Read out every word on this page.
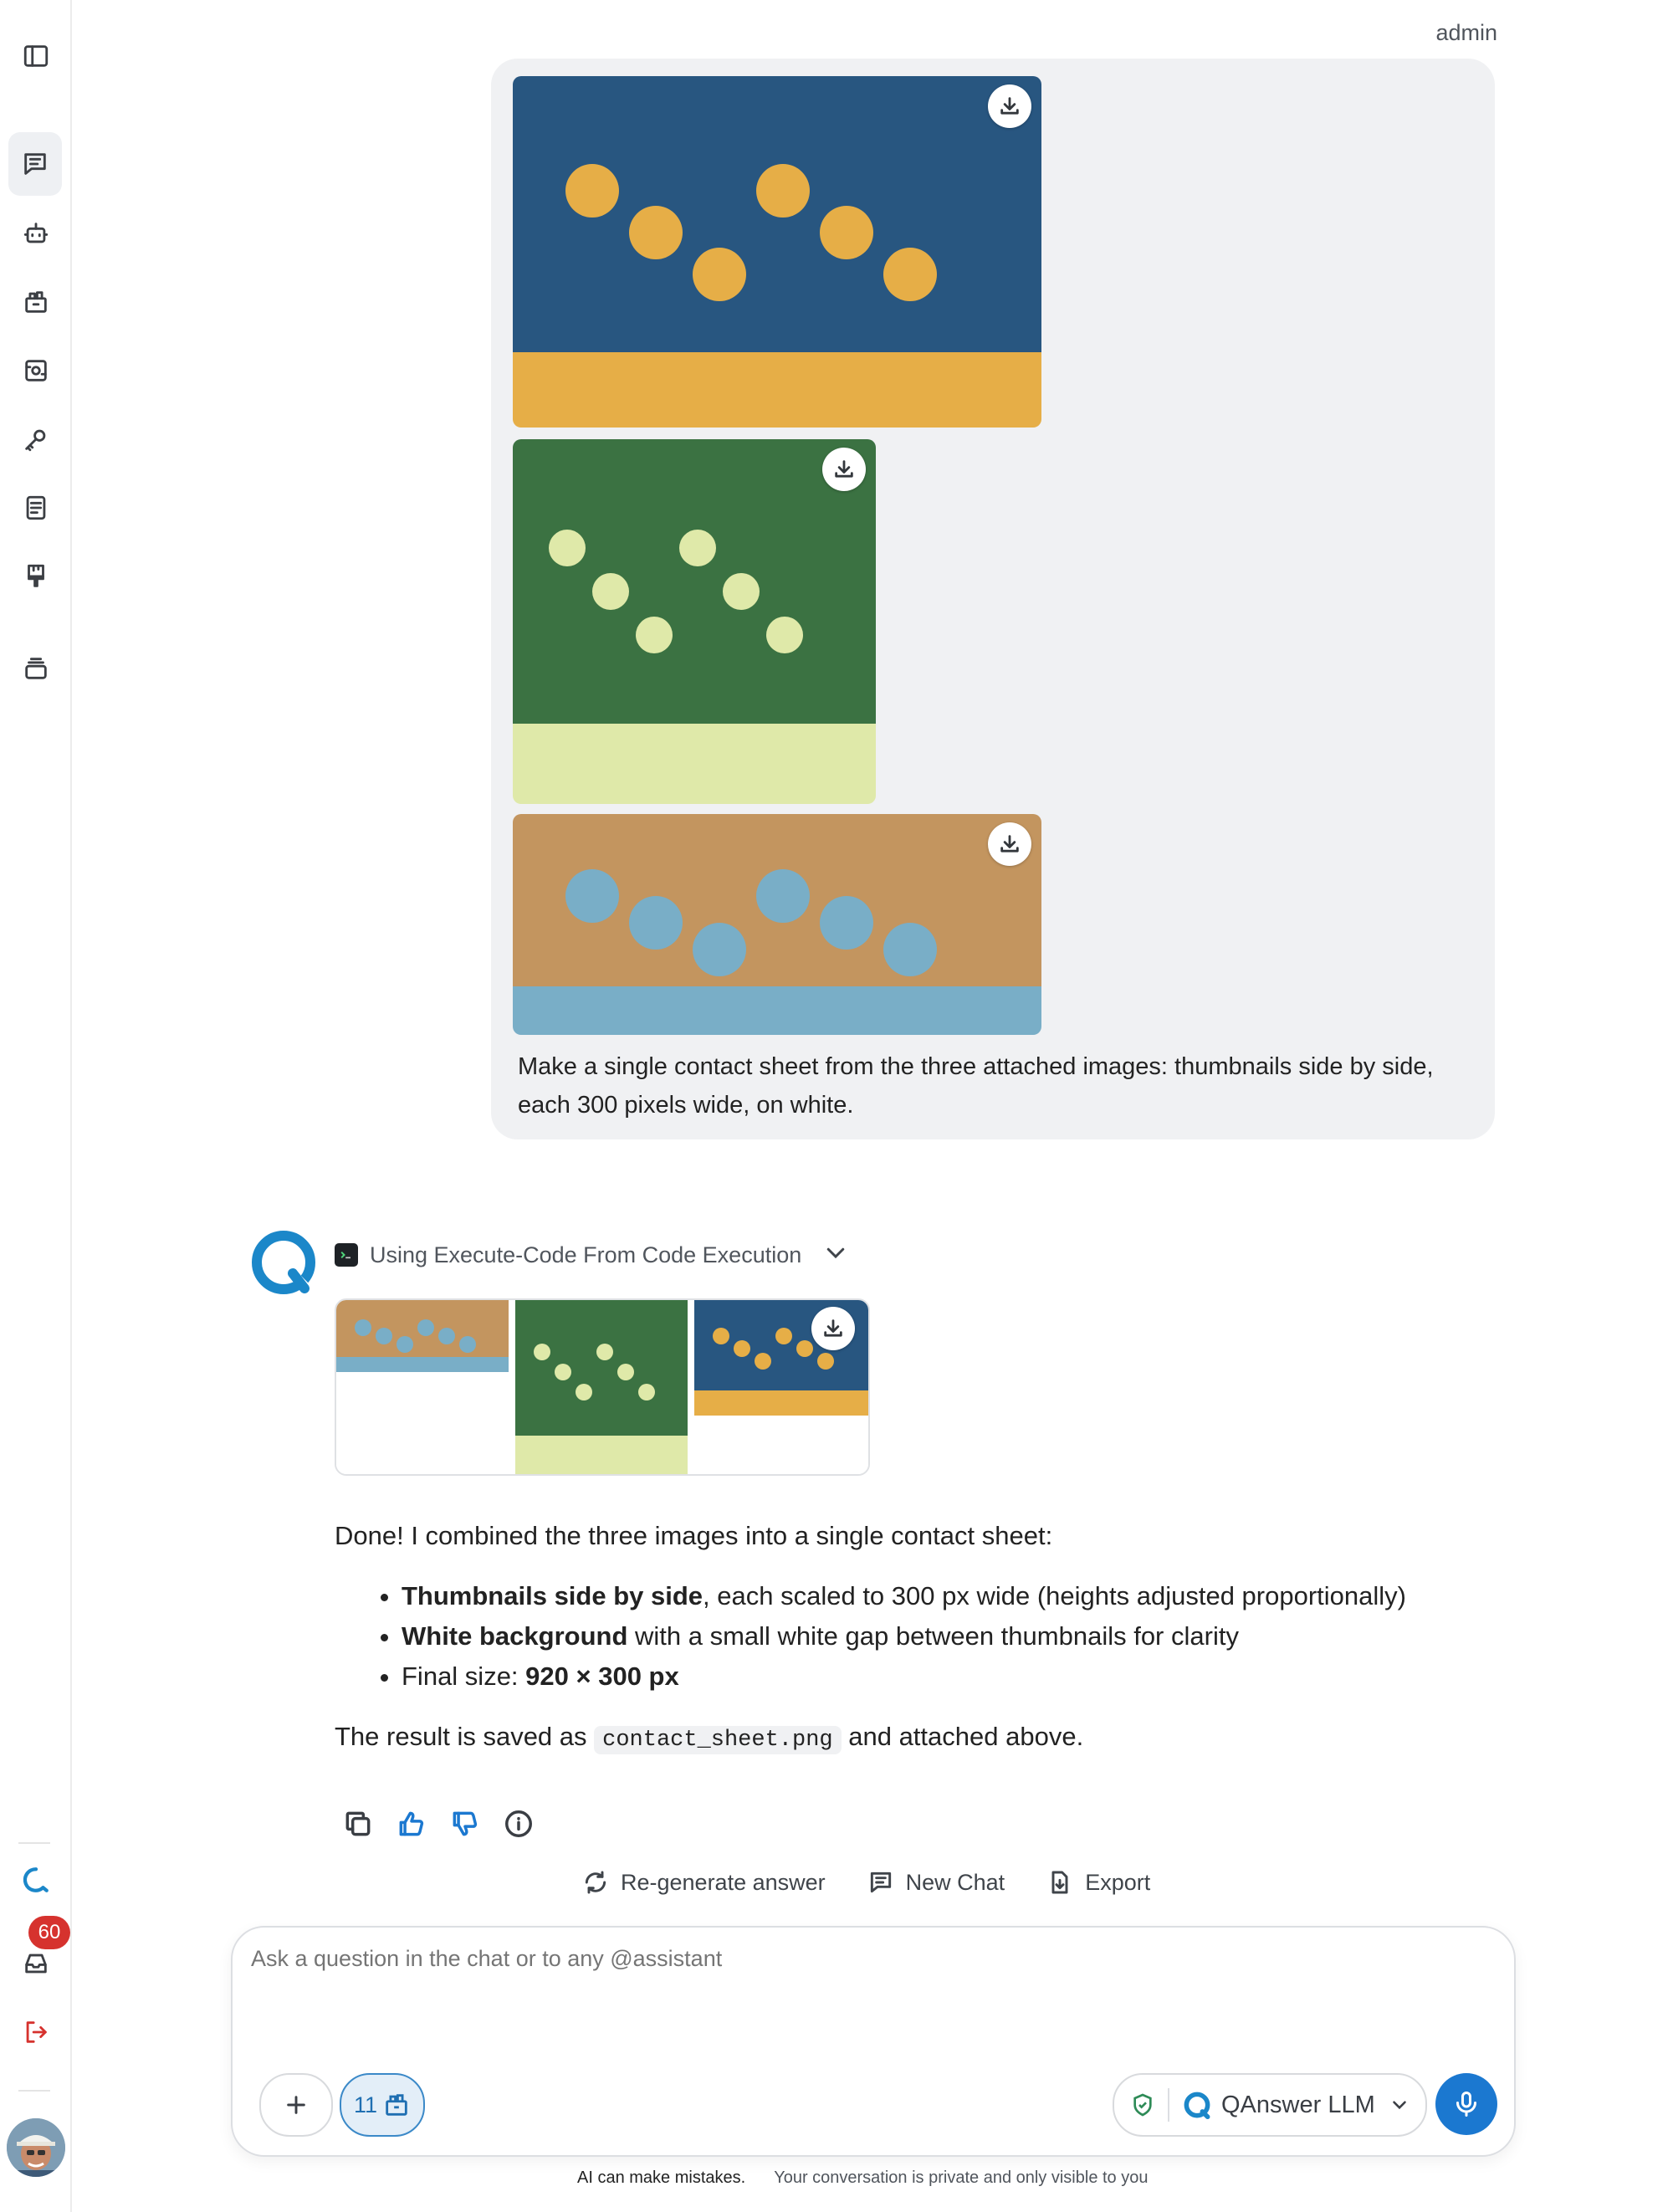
60
admin
Make a single contact sheet from the three attached images: thumbnails side by side, each 300 pixels wide, on white.
Using Execute-Code From Code Execution

Done! I combined the three images into a single contact sheet:

• Thumbnails side by side, each scaled to 300 px wide (heights adjusted proportionally)
• White background with a small white gap between thumbnails for clarity
• Final size: 920 × 300 px

The result is saved as contact_sheet.png and attached above.

Re-generate answer	New Chat	Export
Ask a question in the chat or to any @assistant
11	QAnswer LLM
AI can make mistakes. Your conversation is private and only visible to you
